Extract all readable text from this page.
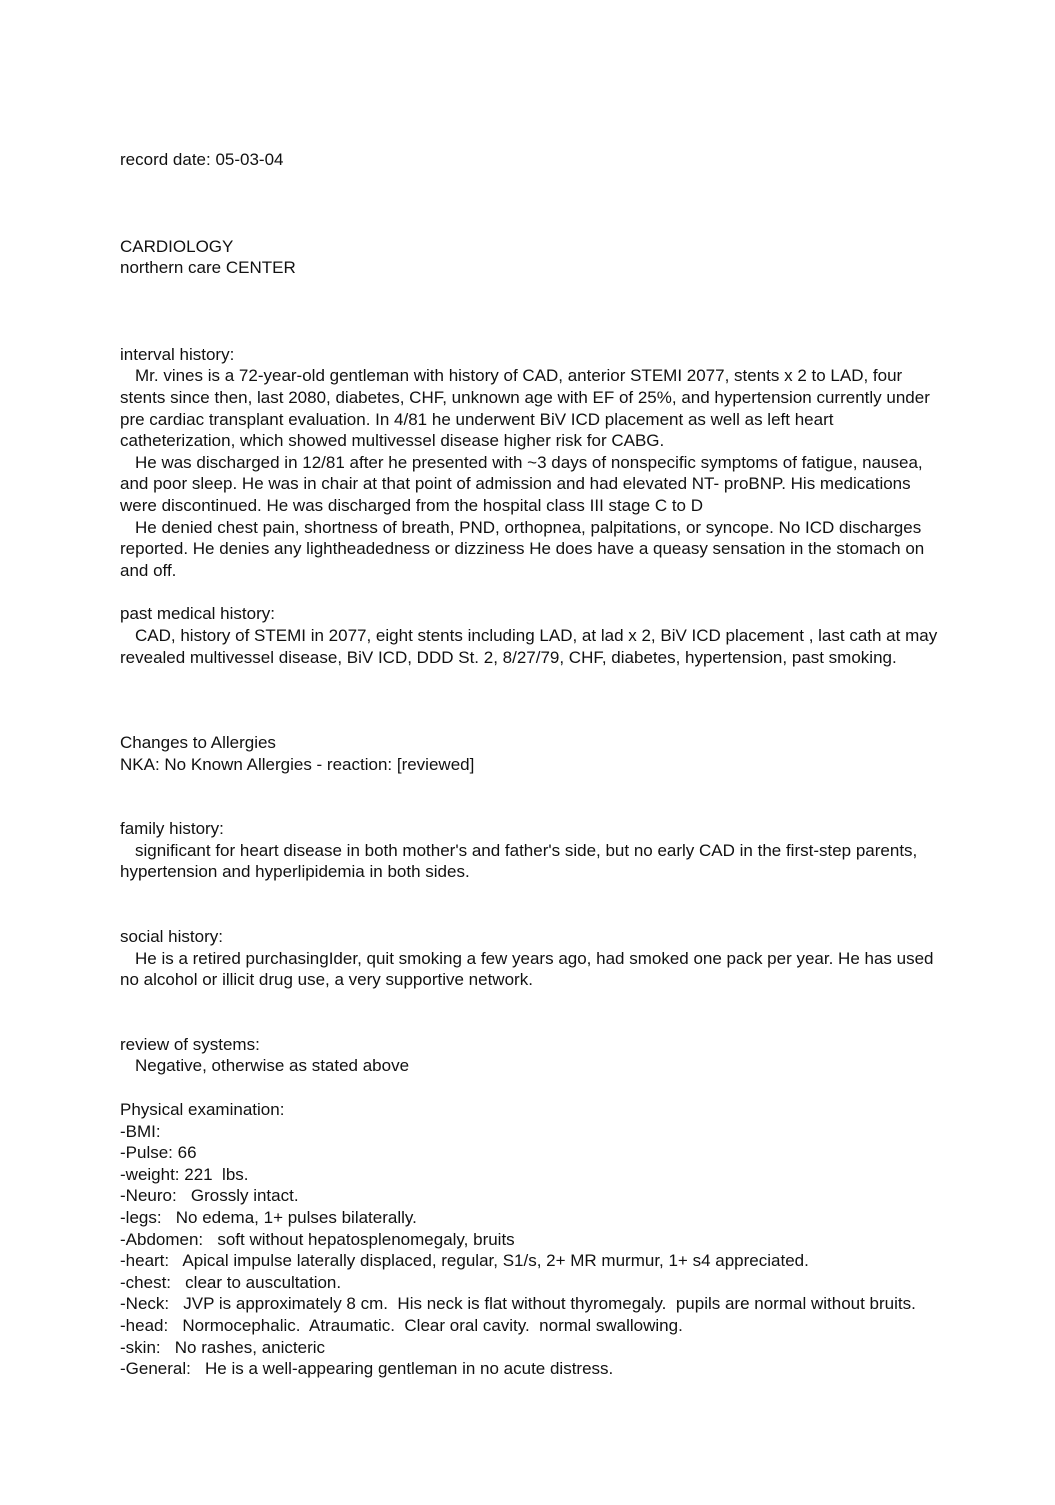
record date: 05-03-04
CARDIOLOGY
northern care CENTER
interval history:

Mr. vines is a 72-year-old gentleman with history of CAD, anterior STEMI 2077, stents x 2 to LAD, four stents since then, last 2080, diabetes, CHF, unknown age with EF of 25%, and hypertension currently under pre cardiac transplant evaluation. In 4/81 he underwent BiV ICD placement as well as left heart catheterization, which showed multivessel disease higher risk for CABG.

He was discharged in 12/81 after he presented with ~3 days of nonspecific symptoms of fatigue, nausea, and poor sleep. He was in chair at that point of admission and had elevated NT- proBNP. His medications were discontinued. He was discharged from the hospital class III stage C to D

He denied chest pain, shortness of breath, PND, orthopnea, palpitations, or syncope. No ICD discharges reported. He denies any lightheadedness or dizziness He does have a queasy sensation in the stomach on and off.

past medical history:

CAD, history of STEMI in 2077, eight stents including LAD, at lad x 2, BiV ICD placement , last cath at may revealed multivessel disease, BiV ICD, DDD St. 2, 8/27/79, CHF, diabetes, hypertension, past smoking.

Changes to Allergies
NKA: No Known Allergies - reaction: [reviewed]
family history:

significant for heart disease in both mother's and father's side, but no early CAD in the first-step parents, hypertension and hyperlipidemia in both sides.

social history:

He is a retired purchasingIder, quit smoking a few years ago, had smoked one pack per year. He has used no alcohol or illicit drug use, a very supportive network.

review of systems:

Negative, otherwise as stated above

Physical examination:
-BMI:
-Pulse: 66
-weight: 221  lbs.
-Neuro:   Grossly intact.
-legs:   No edema, 1+ pulses bilaterally.
-Abdomen:   soft without hepatosplenomegaly, bruits
-heart:   Apical impulse laterally displaced, regular, S1/s, 2+ MR murmur, 1+ s4 appreciated.
-chest:   clear to auscultation.
-Neck:   JVP is approximately 8 cm.  His neck is flat without thyromegaly.  pupils are normal without bruits.
-head:   Normocephalic.  Atraumatic.  Clear oral cavity.  normal swallowing.
-skin:   No rashes, anicteric
-General:   He is a well-appearing gentleman in no acute distress.
